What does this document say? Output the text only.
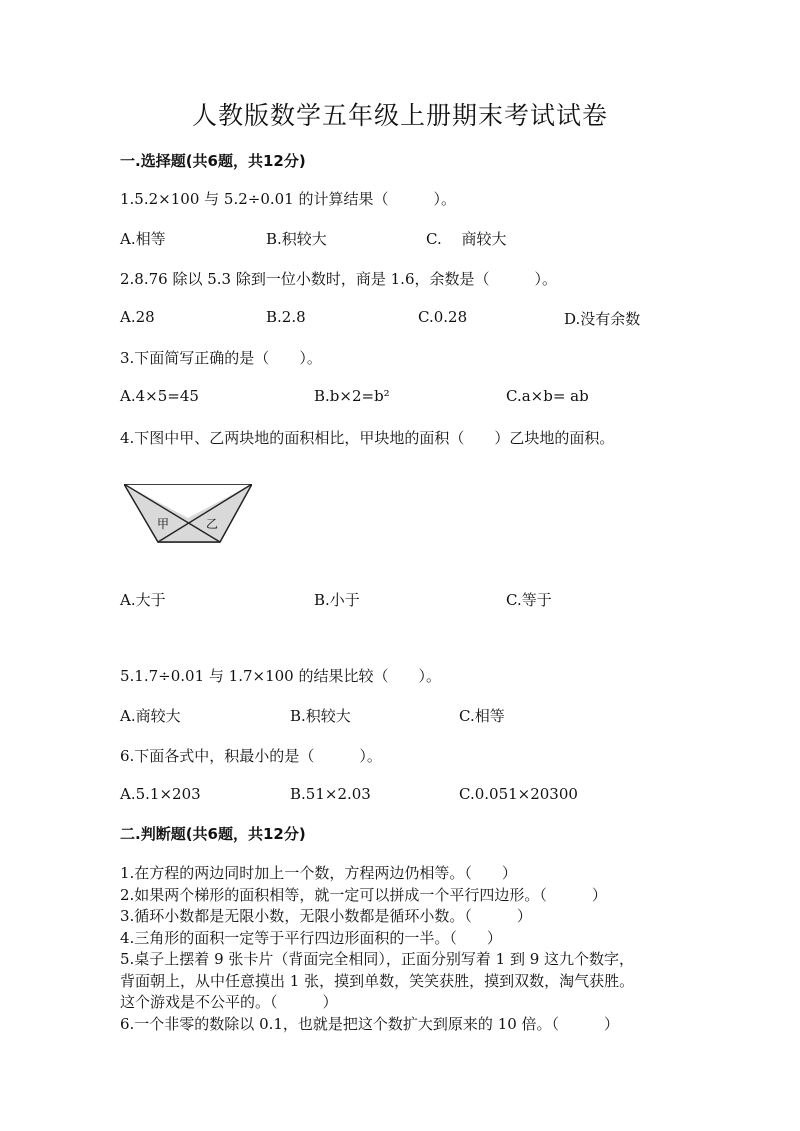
人教版数学五年级上册期末考试试卷
一.选择题(共6题，共12分)
1.5.2×100 与 5.2÷0.01 的计算结果（　　　）。
A.相等	B.积较大	C.　 商较大
2.8.76 除以 5.3 除到一位小数时，商是 1.6，余数是（　　　）。
A.28	B.2.8	C.0.28	D.没有余数
3.下面简写正确的是（　　）。
A.4×5=45	B.b×2=b²	C.a×b= ab
4.下图中甲、乙两块地的面积相比，甲块地的面积（　　）乙块地的面积。
甲	乙
A.大于	B.小于	C.等于
5.1.7÷0.01 与 1.7×100 的结果比较（　　）。
A.商较大	B.积较大	C.相等
6.下面各式中，积最小的是（　　　）。
A.5.1×203	B.51×2.03	C.0.051×20300
二.判断题(共6题，共12分)
1.在方程的两边同时加上一个数，方程两边仍相等。（　　）
2.如果两个梯形的面积相等，就一定可以拼成一个平行四边形。（　　　）
3.循环小数都是无限小数，无限小数都是循环小数。（　　　）
4.三角形的面积一定等于平行四边形面积的一半。（　　）
5.桌子上摆着 9 张卡片（背面完全相同），正面分别写着 1 到 9 这九个数字，
背面朝上，从中任意摸出 1 张，摸到单数，笑笑获胜，摸到双数，淘气获胜。
这个游戏是不公平的。（　　　）
6.一个非零的数除以 0.1，也就是把这个数扩大到原来的 10 倍。（　　　）
